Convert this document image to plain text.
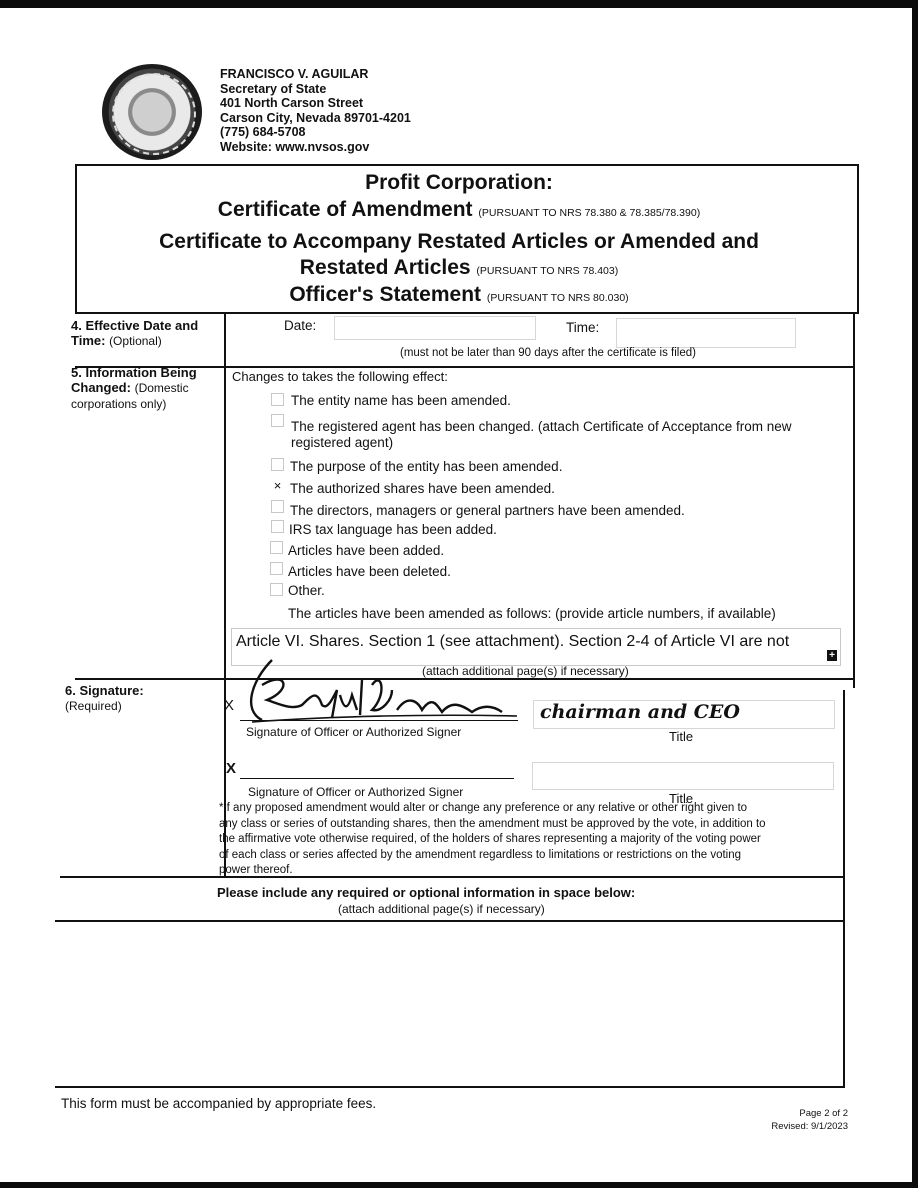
FRANCISCO V. AGUILAR
Secretary of State
401 North Carson Street
Carson City, Nevada 89701-4201
(775) 684-5708
Website: www.nvsos.gov
Profit Corporation:
Certificate of Amendment (PURSUANT TO NRS 78.380 & 78.385/78.390)
Certificate to Accompany Restated Articles or Amended and
Restated Articles (PURSUANT TO NRS 78.403)
Officer's Statement (PURSUANT TO NRS 80.030)
4. Effective Date and
Time: (Optional)
Date:	Time:
(must not be later than 90 days after the certificate is filed)
5. Information Being
Changed: (Domestic
corporations only)
Changes to takes the following effect:
The entity name has been amended.
The registered agent has been changed. (attach Certificate of Acceptance from new
registered agent)
The purpose of the entity has been amended.
× The authorized shares have been amended.
The directors, managers or general partners have been amended.
IRS tax language has been added.
Articles have been added.
Articles have been deleted.
Other.
The articles have been amended as follows: (provide article numbers, if available)
Article VI. Shares. Section 1 (see attachment). Section 2-4 of Article VI are not
+
(attach additional page(s) if necessary)
6. Signature:
(Required)	X
Signature of Officer or Authorized Signer
chairman and CEO
Title
X
Signature of Officer or Authorized Signer	Title
*If any proposed amendment would alter or change any preference or any relative or other right given to
any class or series of outstanding shares, then the amendment must be approved by the vote, in addition to
the affirmative vote otherwise required, of the holders of shares representing a majority of the voting power
of each class or series affected by the amendment regardless to limitations or restrictions on the voting
power thereof.
Please include any required or optional information in space below:
(attach additional page(s) if necessary)
This form must be accompanied by appropriate fees.
Page 2 of 2
Revised: 9/1/2023
